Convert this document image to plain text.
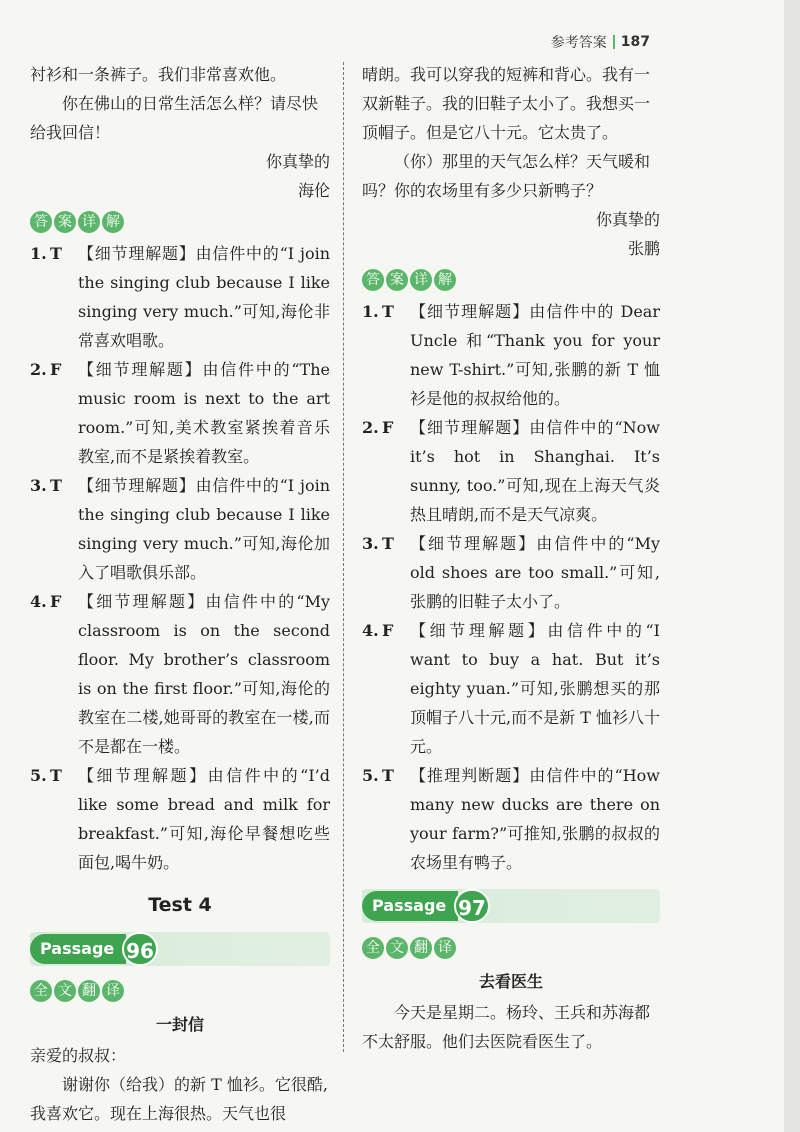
参考答案 187

衬衫和一条裤子。我们非常喜欢他。

你在佛山的日常生活怎么样？请尽快给我回信！

你真挚的

海伦

答 案 详 解
1. T	【细节理解题】由信件中的“I join the singing club because I like singing very much.”可知,海伦非常喜欢唱歌。
2. F	【细节理解题】由信件中的“The music room is next to the art room.”可知,美术教室紧挨着音乐教室,而不是紧挨着教室。
3. T	【细节理解题】由信件中的“I join the singing club because I like singing very much.”可知,海伦加入了唱歌俱乐部。
4. F	【细节理解题】由信件中的“My classroom is on the second floor. My brother’s classroom is on the first floor.”可知,海伦的教室在二楼,她哥哥的教室在一楼,而不是都在一楼。
5. T	【细节理解题】由信件中的“I’d like some bread and milk for breakfast.”可知,海伦早餐想吃些面包,喝牛奶。
Test 4
Passage 96
全 文 翻 译

一封信

亲爱的叔叔：

谢谢你（给我）的新 T 恤衫。它很酷,我喜欢它。现在上海很热。天气也很

晴朗。我可以穿我的短裤和背心。我有一双新鞋子。我的旧鞋子太小了。我想买一顶帽子。但是它八十元。它太贵了。

（你）那里的天气怎么样？天气暖和吗？你的农场里有多少只新鸭子？

你真挚的

张鹏

答 案 详 解
1. T	【细节理解题】由信件中的 Dear Uncle 和“Thank you for your new T-shirt.”可知,张鹏的新 T 恤衫是他的叔叔给他的。
2. F	【细节理解题】由信件中的“Now it’s hot in Shanghai. It’s sunny, too.”可知,现在上海天气炎热且晴朗,而不是天气凉爽。
3. T	【细节理解题】由信件中的“My old shoes are too small.”可知,张鹏的旧鞋子太小了。
4. F	【细节理解题】由信件中的“I want to buy a hat. But it’s eighty yuan.”可知,张鹏想买的那顶帽子八十元,而不是新 T 恤衫八十元。
5. T	【推理判断题】由信件中的“How many new ducks are there on your farm?”可推知,张鹏的叔叔的农场里有鸭子。
Passage 97
全 文 翻 译

去看医生

今天是星期二。杨玲、王兵和苏海都不太舒服。他们去医院看医生了。
